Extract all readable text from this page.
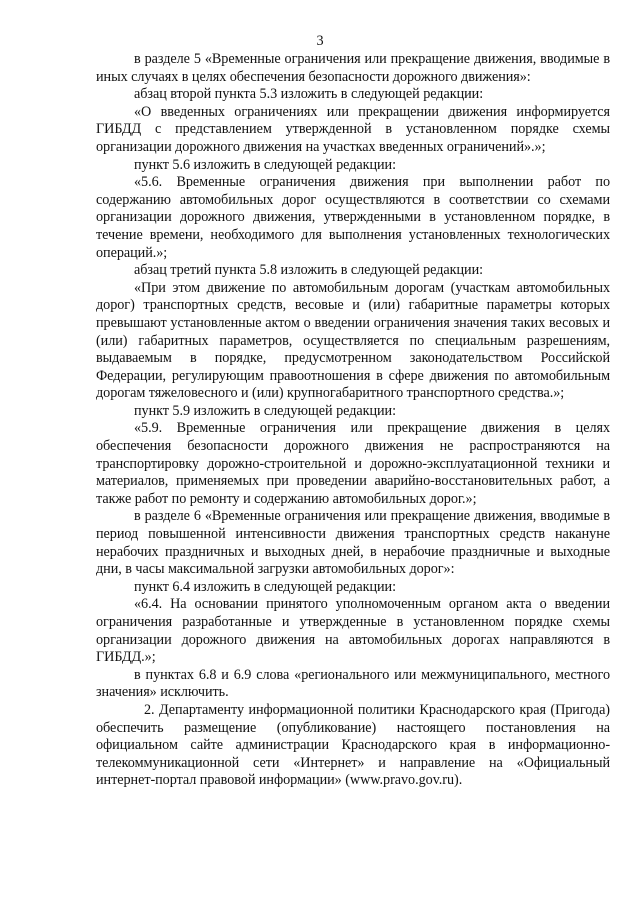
3

в разделе 5 «Временные ограничения или прекращение движения, вводимые в иных случаях в целях обеспечения безопасности дорожного движения»:

абзац второй пункта 5.3 изложить в следующей редакции:

«О введенных ограничениях или прекращении движения информируется ГИБДД с представлением утвержденной в установленном порядке схемы организации дорожного движения на участках введенных ограничений».»;

пункт 5.6 изложить в следующей редакции:

«5.6. Временные ограничения движения при выполнении работ по содержанию автомобильных дорог осуществляются в соответствии со схемами организации дорожного движения, утвержденными в установленном порядке, в течение времени, необходимого для выполнения установленных технологических операций.»;

абзац третий пункта 5.8 изложить в следующей редакции:

«При этом движение по автомобильным дорогам (участкам автомобильных дорог) транспортных средств, весовые и (или) габаритные параметры которых превышают установленные актом о введении ограничения значения таких весовых и (или) габаритных параметров, осуществляется по специальным разрешениям, выдаваемым в порядке, предусмотренном законодательством Российской Федерации, регулирующим правоотношения в сфере движения по автомобильным дорогам тяжеловесного и (или) крупногабаритного транспортного средства.»;

пункт 5.9 изложить в следующей редакции:

«5.9. Временные ограничения или прекращение движения в целях обеспечения безопасности дорожного движения не распространяются на транспортировку дорожно-строительной и дорожно-эксплуатационной техники и материалов, применяемых при проведении аварийно-восстановительных работ, а также работ по ремонту и содержанию автомобильных дорог.»;

в разделе 6 «Временные ограничения или прекращение движения, вводимые в период повышенной интенсивности движения транспортных средств накануне нерабочих праздничных и выходных дней, в нерабочие праздничные и выходные дни, в часы максимальной загрузки автомобильных дорог»:

пункт 6.4 изложить в следующей редакции:

«6.4. На основании принятого уполномоченным органом акта о введении ограничения разработанные и утвержденные в установленном порядке схемы организации дорожного движения на автомобильных дорогах направляются в ГИБДД.»;

в пунктах 6.8 и 6.9 слова «регионального или межмуниципального, местного значения» исключить.

2. Департаменту информационной политики Краснодарского края (Пригода) обеспечить размещение (опубликование) настоящего постановления на официальном сайте администрации Краснодарского края в информационно-телекоммуникационной сети «Интернет» и направление на «Официальный интернет-портал правовой информации» (www.pravo.gov.ru).
